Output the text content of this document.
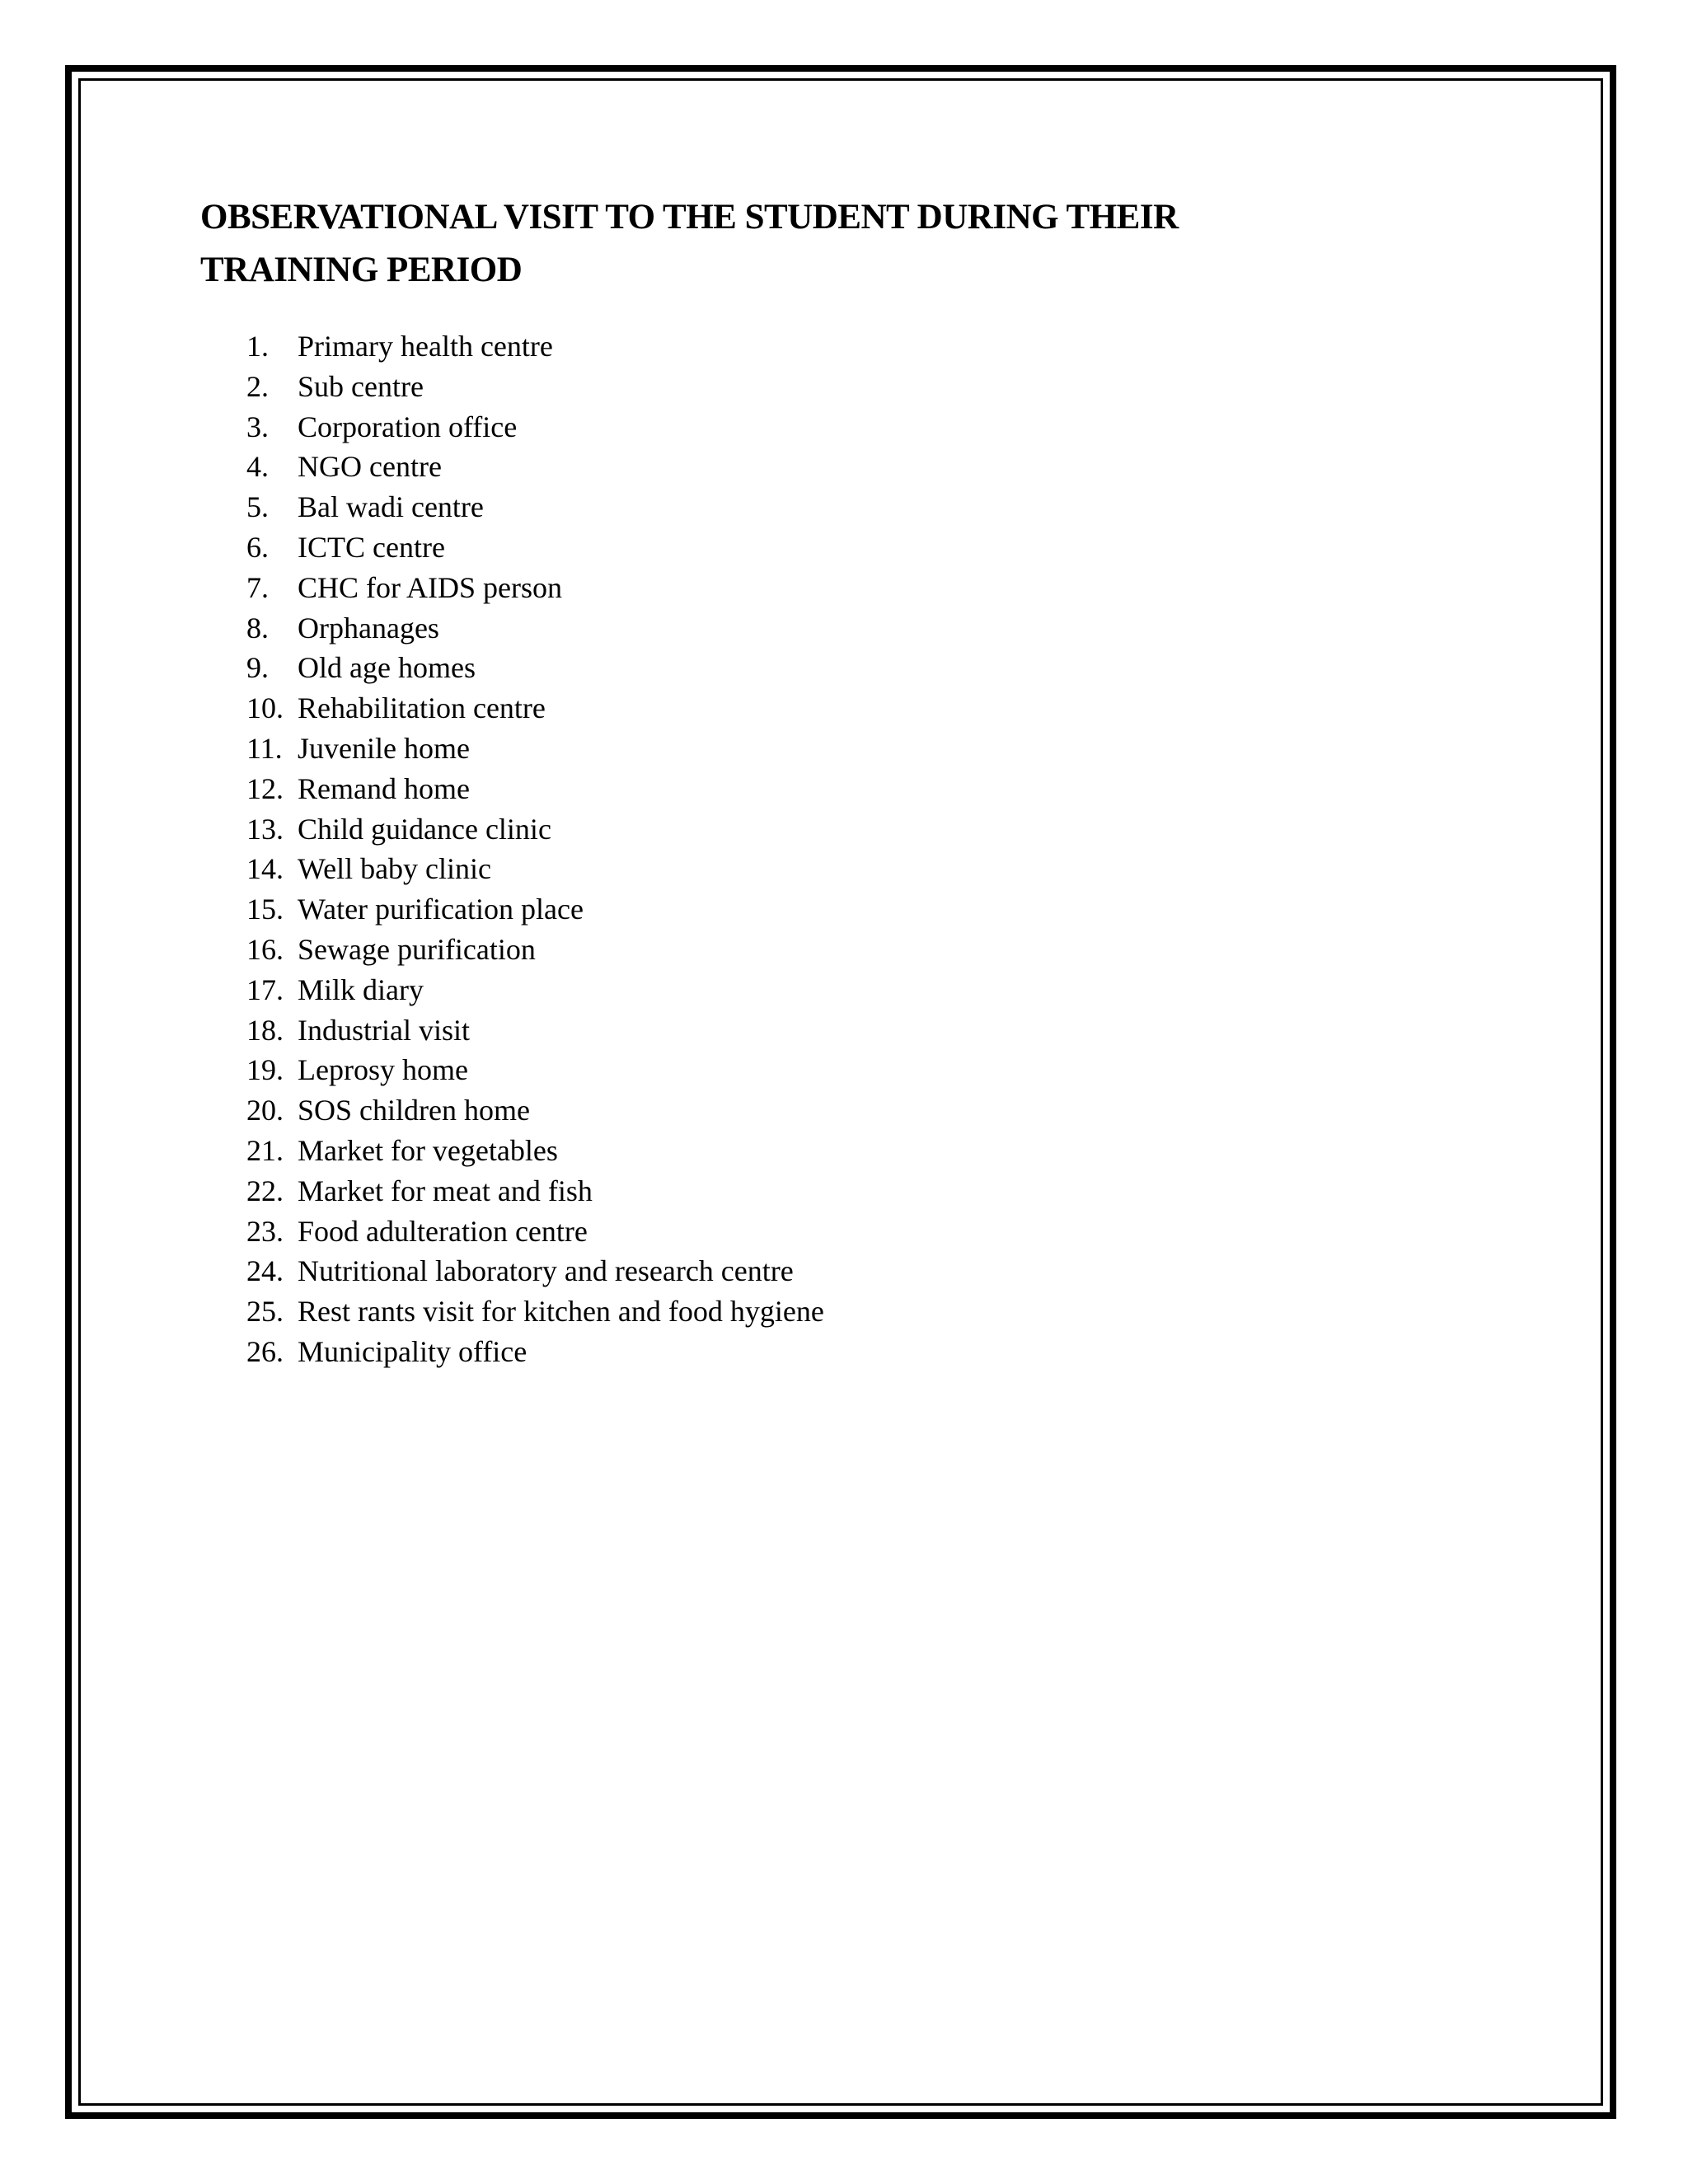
OBSERVATIONAL VISIT TO THE STUDENT DURING THEIR
TRAINING PERIOD
1. Primary health centre
2. Sub centre
3. Corporation office
4. NGO centre
5. Bal wadi centre
6. ICTC centre
7. CHC for AIDS person
8. Orphanages
9. Old age homes
10. Rehabilitation centre
11. Juvenile home
12. Remand home
13. Child guidance clinic
14. Well baby clinic
15. Water purification place
16. Sewage purification
17. Milk diary
18. Industrial visit
19. Leprosy home
20. SOS children home
21. Market for vegetables
22. Market for meat and fish
23. Food adulteration centre
24. Nutritional laboratory and research centre
25. Rest rants visit for kitchen and food hygiene
26. Municipality office
